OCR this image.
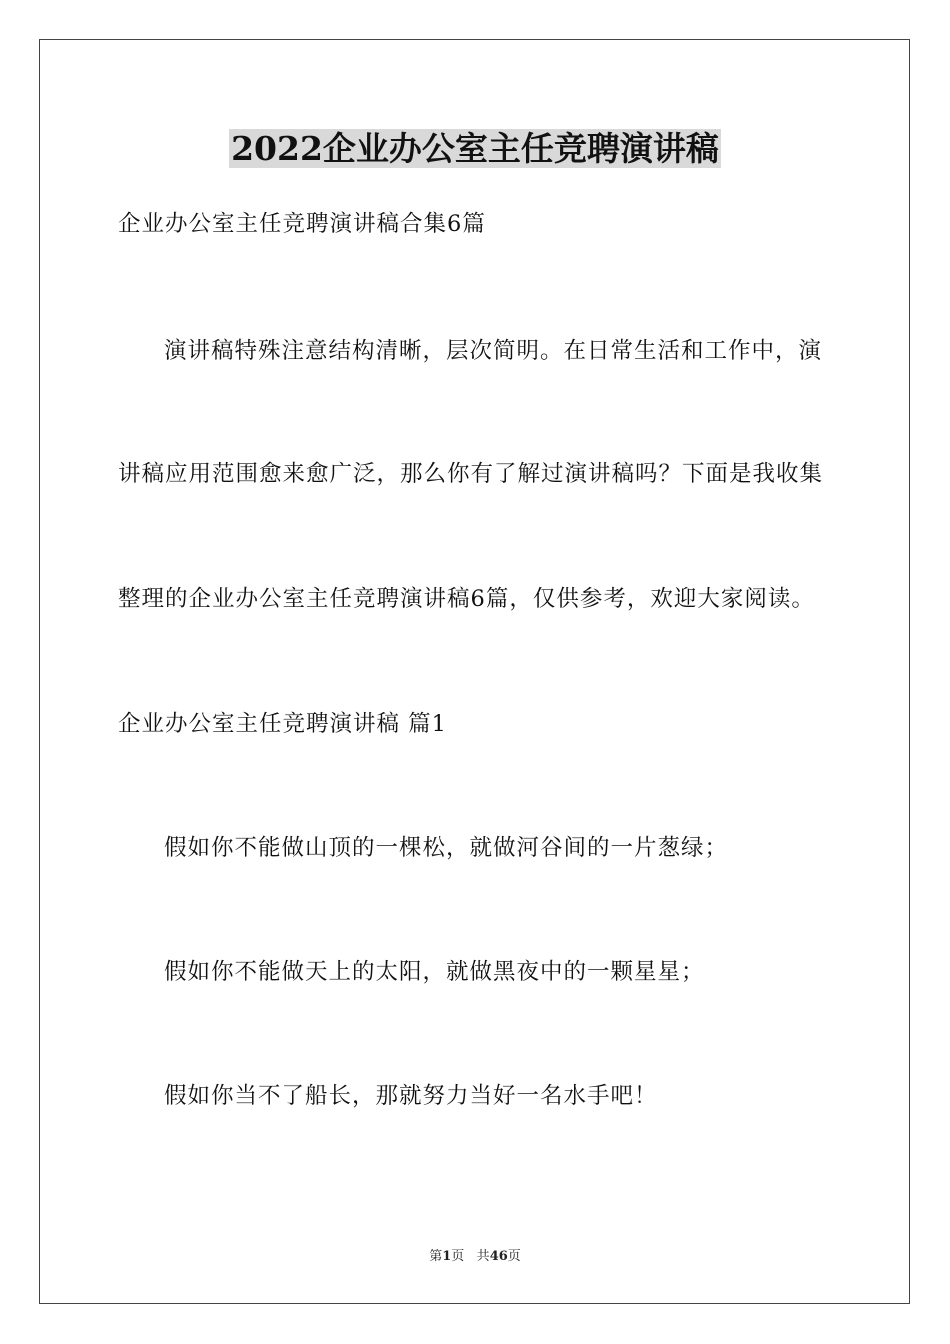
2022企业办公室主任竞聘演讲稿
企业办公室主任竞聘演讲稿合集6篇
演讲稿特殊注意结构清晰，层次简明。在日常生活和工作中，演
讲稿应用范围愈来愈广泛，那么你有了解过演讲稿吗？下面是我收集
整理的企业办公室主任竞聘演讲稿6篇，仅供参考，欢迎大家阅读。
企业办公室主任竞聘演讲稿 篇1
假如你不能做山顶的一棵松，就做河谷间的一片葱绿；
假如你不能做天上的太阳，就做黑夜中的一颗星星；
假如你当不了船长，那就努力当好一名水手吧！
第1页 共46页
